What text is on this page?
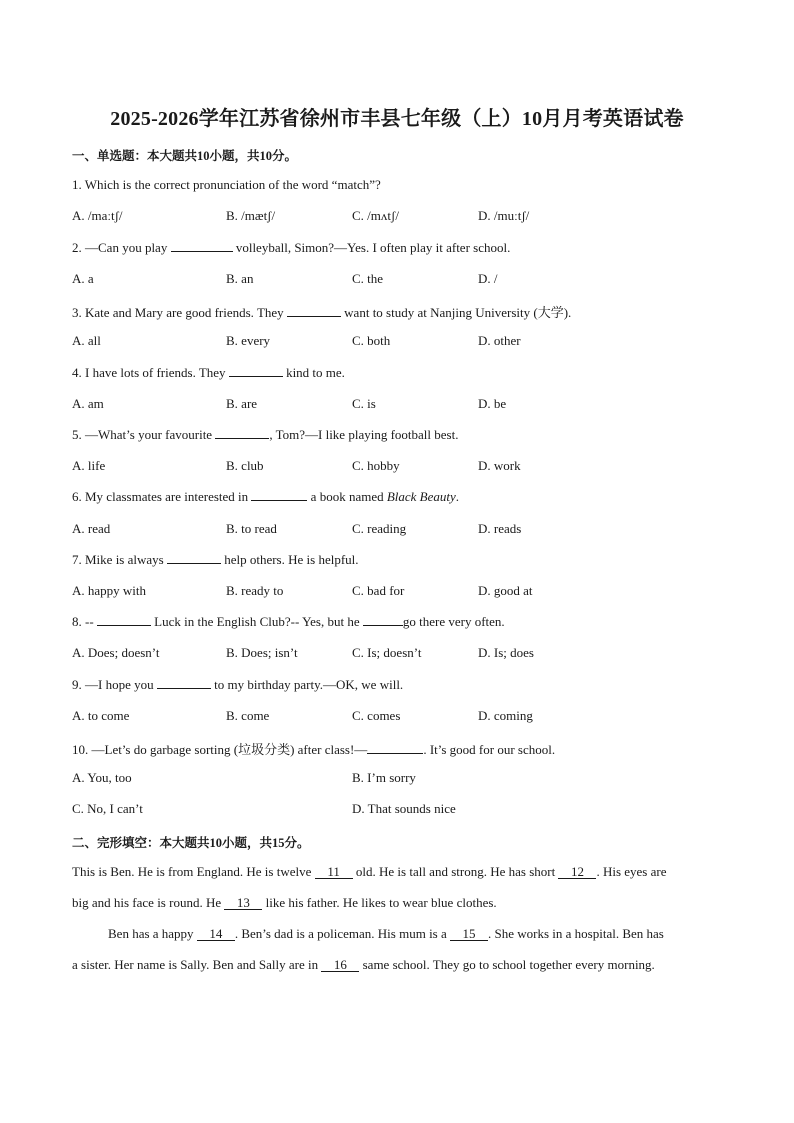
2025-2026学年江苏省徐州市丰县七年级（上）10月月考英语试卷
一、单选题：本大题共10小题，共10分。
1. Which is the correct pronunciation of the word “match”?
A. /maːtʃ/	B. /mætʃ/	C. /mʌtʃ/	D. /muːtʃ/
2. —Can you play	volleyball, Simon?—Yes. I often play it after school.
A. a	B. an	C. the	D. /
3. Kate and Mary are good friends. They	want to study at Nanjing University (大学).
A. all	B. every	C. both	D. other
4. I have lots of friends. They	kind to me.
A. am	B. are	C. is	D. be
5. —What’s your favourite	, Tom?—I like playing football best.
A. life	B. club	C. hobby	D. work
6. My classmates are interested in	a book named Black Beauty.
A. read	B. to read	C. reading	D. reads
7. Mike is always	help others. He is helpful.
A. happy with	B. ready to	C. bad for	D. good at
8. --	Luck in the English Club?-- Yes, but he	go there very often.
A. Does; doesn’t	B. Does; isn’t	C. Is; doesn’t	D. Is; does
9. —I hope you	to my birthday party.—OK, we will.
A. to come	B. come	C. comes	D. coming
10. —Let’s do garbage sorting (垃圾分类) after class!—	. It’s good for our school.
A. You, too	B. I’m sorry
C. No, I can’t	D. That sounds nice
二、完形填空：本大题共10小题，共15分。
This is Ben. He is from England. He is twelve 11 old. He is tall and strong. He has short 12 . His eyes are
big and his face is round. He 13 like his father. He likes to wear blue clothes.
Ben has a happy 14 . Ben’s dad is a policeman. His mum is a 15 . She works in a hospital. Ben has
a sister. Her name is Sally. Ben and Sally are in 16 same school. They go to school together every morning.
